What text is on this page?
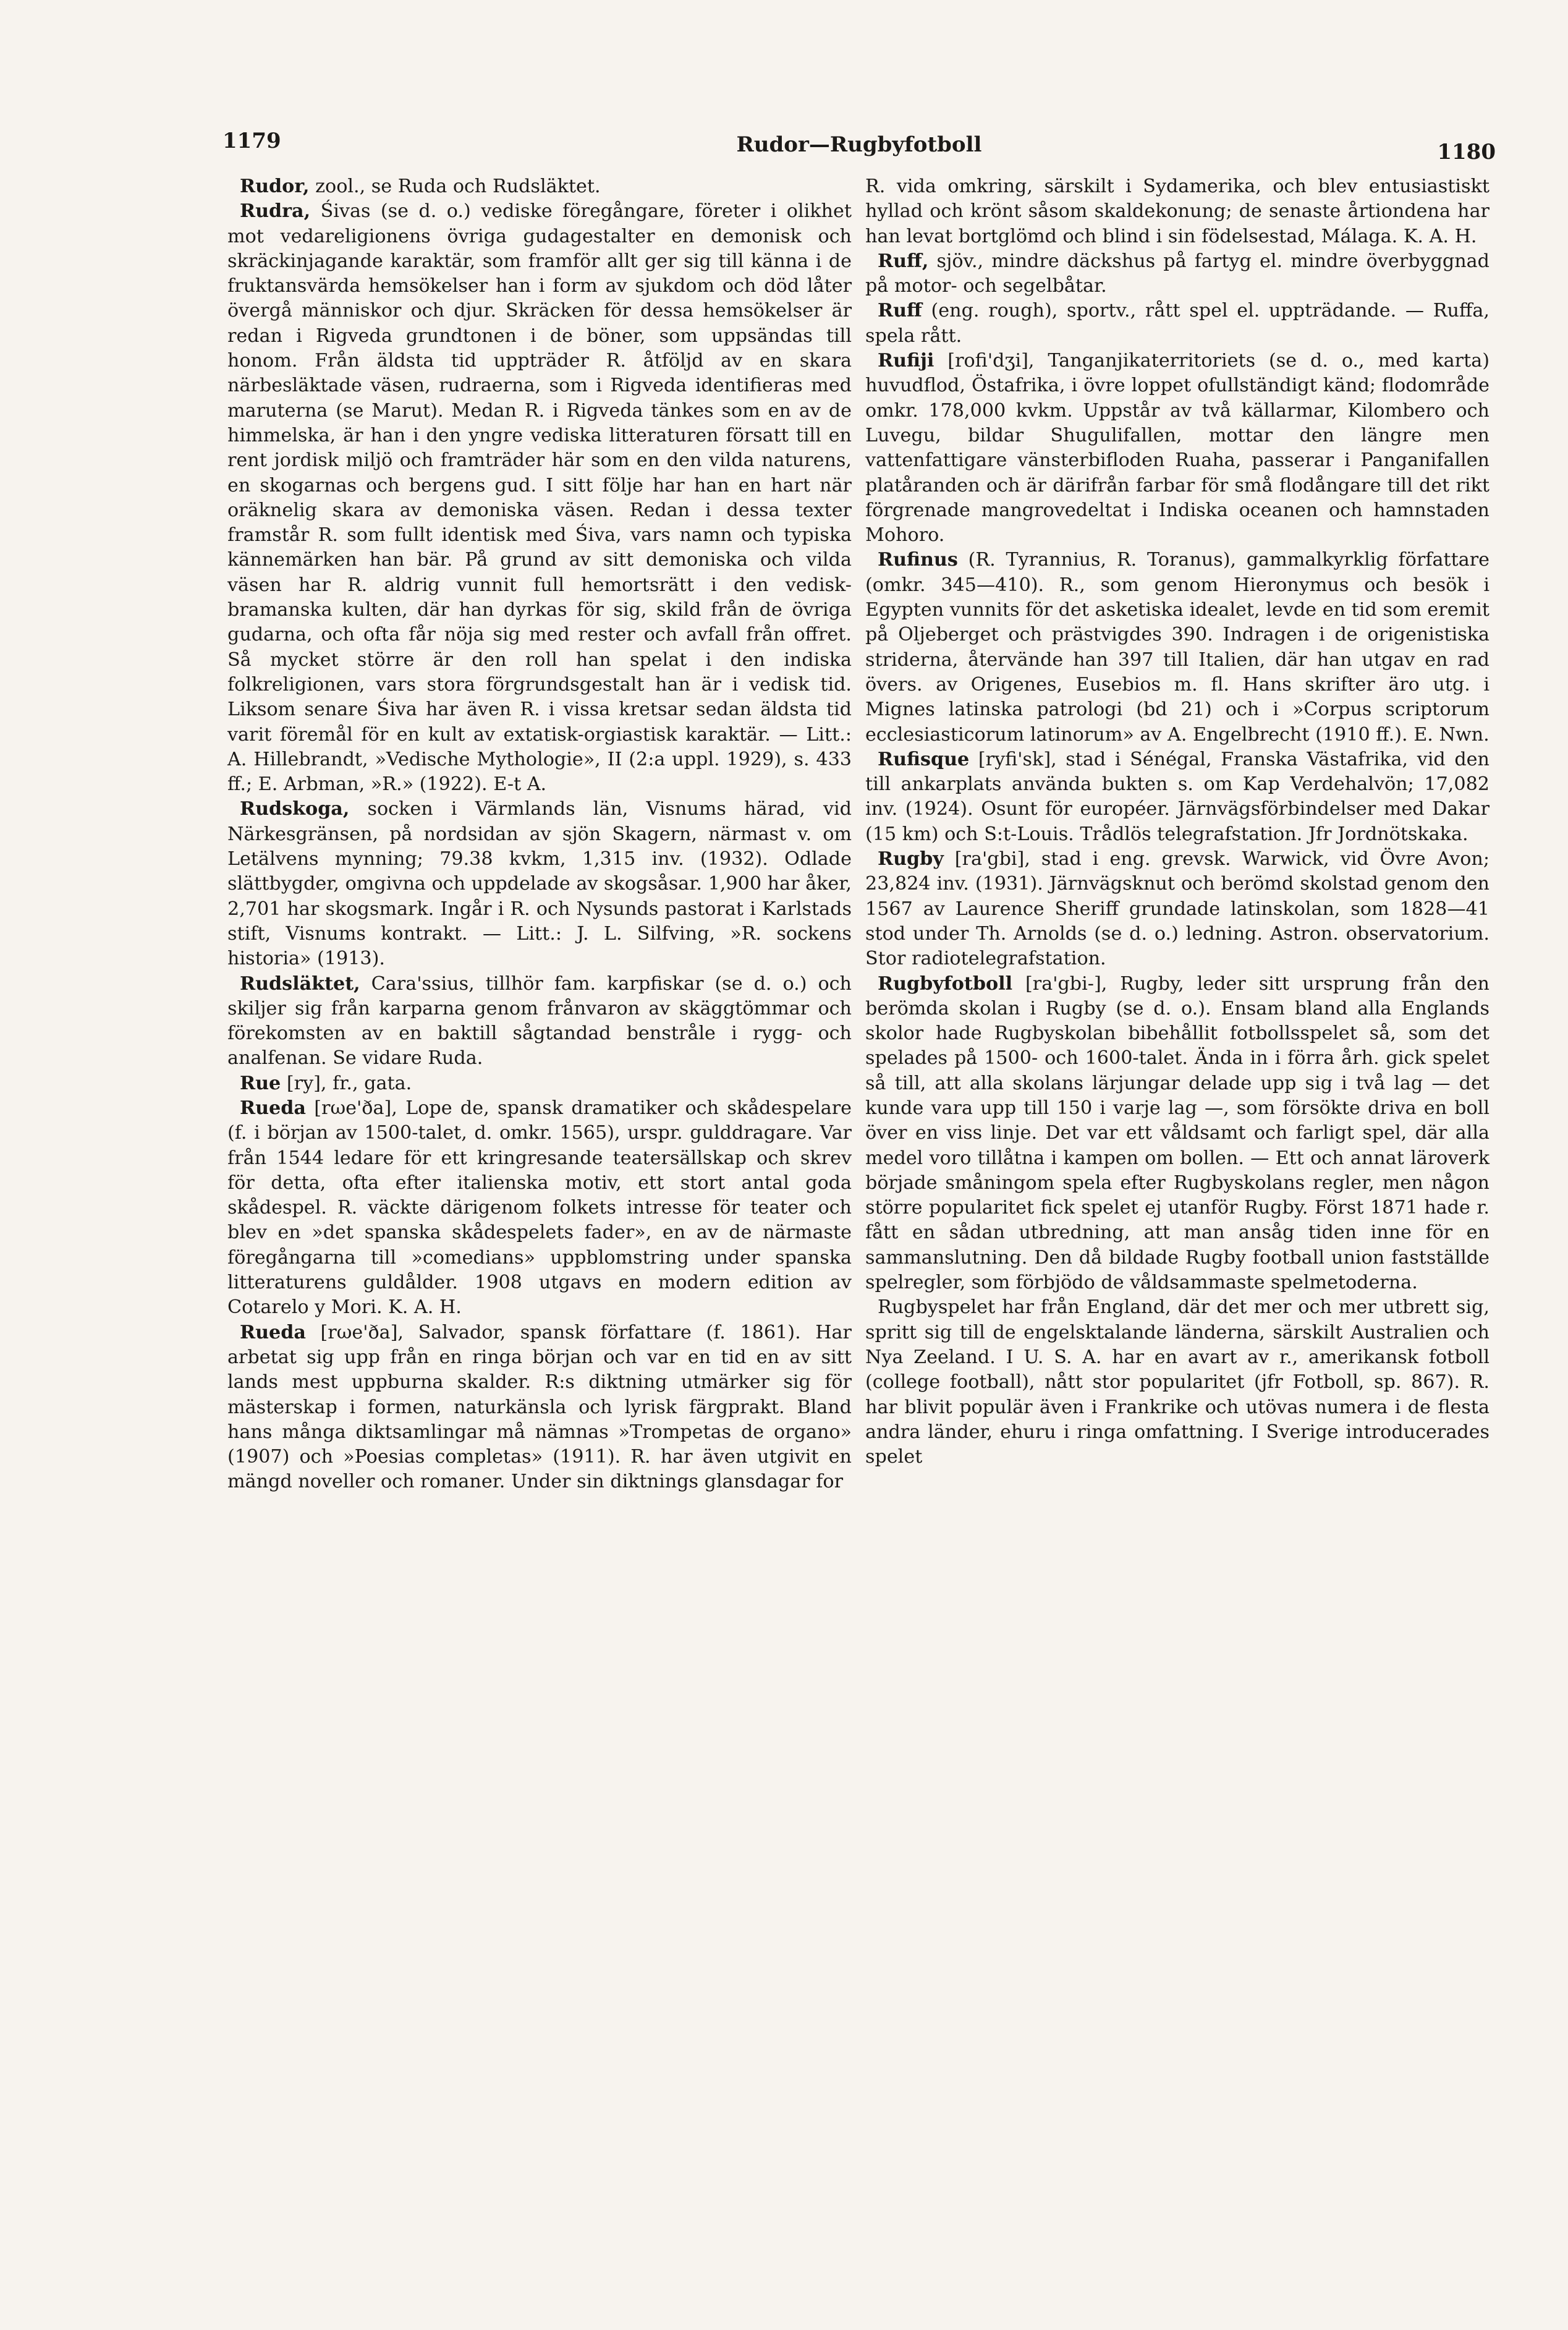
1179	Rudor—Rugbyfotboll	1180

Rudor, zool., se Ruda och Rudsläktet.

Rudra, Śivas (se d. o.) vediske föregångare, företer i olikhet mot vedareligionens övriga gudagestalter en demonisk och skräckinjagande karaktär, som framför allt ger sig till känna i de fruktansvärda hemsökelser han i form av sjukdom och död låter övergå människor och djur. Skräcken för dessa hemsökelser är redan i Rigveda grundtonen i de böner, som uppsändas till honom. Från äldsta tid uppträder R. åtföljd av en skara närbesläktade väsen, rudraerna, som i Rigveda identifieras med maruterna (se Marut). Medan R. i Rigveda tänkes som en av de himmelska, är han i den yngre vediska litteraturen försatt till en rent jordisk miljö och framträder här som en den vilda naturens, en skogarnas och bergens gud. I sitt följe har han en hart när oräknelig skara av demoniska väsen. Redan i dessa texter framstår R. som fullt identisk med Śiva, vars namn och typiska kännemärken han bär. På grund av sitt demoniska och vilda väsen har R. aldrig vunnit full hemortsrätt i den vedisk-bramanska kulten, där han dyrkas för sig, skild från de övriga gudarna, och ofta får nöja sig med rester och avfall från offret. Så mycket större är den roll han spelat i den indiska folkreligionen, vars stora förgrundsgestalt han är i vedisk tid. Liksom senare Śiva har även R. i vissa kretsar sedan äldsta tid varit föremål för en kult av extatisk-orgiastisk karaktär. — Litt.: A. Hillebrandt, »Vedische Mythologie», II (2:a uppl. 1929), s. 433 ff.; E. Arbman, »R.» (1922). E-t A.

Rudskoga, socken i Värmlands län, Visnums härad, vid Närkesgränsen, på nordsidan av sjön Skagern, närmast v. om Letälvens mynning; 79.38 kvkm, 1,315 inv. (1932). Odlade slättbygder, omgivna och uppdelade av skogsåsar. 1,900 har åker, 2,701 har skogsmark. Ingår i R. och Nysunds pastorat i Karlstads stift, Visnums kontrakt. — Litt.: J. L. Silfving, »R. sockens historia» (1913).

Rudsläktet, Cara'ssius, tillhör fam. karpfiskar (se d. o.) och skiljer sig från karparna genom frånvaron av skäggtömmar och förekomsten av en baktill sågtandad benstråle i rygg- och analfenan. Se vidare Ruda.

Rue [ry], fr., gata.

Rueda [rωe'ða], Lope de, spansk dramatiker och skådespelare (f. i början av 1500-talet, d. omkr. 1565), urspr. gulddragare. Var från 1544 ledare för ett kringresande teatersällskap och skrev för detta, ofta efter italienska motiv, ett stort antal goda skådespel. R. väckte därigenom folkets intresse för teater och blev en »det spanska skådespelets fader», en av de närmaste föregångarna till »comedians» uppblomstring under spanska litteraturens guldålder. 1908 utgavs en modern edition av Cotarelo y Mori. K. A. H.

Rueda [rωe'ða], Salvador, spansk författare (f. 1861). Har arbetat sig upp från en ringa början och var en tid en av sitt lands mest uppburna skalder. R:s diktning utmärker sig för mästerskap i formen, naturkänsla och lyrisk färgprakt. Bland hans många diktsamlingar må nämnas »Trompetas de organo» (1907) och »Poesias completas» (1911). R. har även utgivit en mängd noveller och romaner. Under sin diktnings glansdagar for

R. vida omkring, särskilt i Sydamerika, och blev entusiastiskt hyllad och krönt såsom skaldekonung; de senaste årtiondena har han levat bortglömd och blind i sin födelsestad, Málaga. K. A. H.

Ruff, sjöv., mindre däckshus på fartyg el. mindre överbyggnad på motor- och segelbåtar.

Ruff (eng. rough), sportv., rått spel el. uppträdande. — Ruffa, spela rått.

Rufiji [rofi'dʒi], Tanganjikaterritoriets (se d. o., med karta) huvudflod, Östafrika, i övre loppet ofullständigt känd; flodområde omkr. 178,000 kvkm. Uppstår av två källarmar, Kilombero och Luvegu, bildar Shugulifallen, mottar den längre men vattenfattigare vänsterbifloden Ruaha, passerar i Panganifallen platåranden och är därifrån farbar för små flodångare till det rikt förgrenade mangrovedeltat i Indiska oceanen och hamnstaden Mohoro.

Rufinus (R. Tyrannius, R. Toranus), gammalkyrklig författare (omkr. 345—410). R., som genom Hieronymus och besök i Egypten vunnits för det asketiska idealet, levde en tid som eremit på Oljeberget och prästvigdes 390. Indragen i de origenistiska striderna, återvände han 397 till Italien, där han utgav en rad övers. av Origenes, Eusebios m. fl. Hans skrifter äro utg. i Mignes latinska patrologi (bd 21) och i »Corpus scriptorum ecclesiasticorum latinorum» av A. Engelbrecht (1910 ff.). E. Nwn.

Rufisque [ryfi'sk], stad i Sénégal, Franska Västafrika, vid den till ankarplats använda bukten s. om Kap Verdehalvön; 17,082 inv. (1924). Osunt för européer. Järnvägsförbindelser med Dakar (15 km) och S:t-Louis. Trådlös telegrafstation. Jfr Jordnötskaka.

Rugby [ra'gbi], stad i eng. grevsk. Warwick, vid Övre Avon; 23,824 inv. (1931). Järnvägsknut och berömd skolstad genom den 1567 av Laurence Sheriff grundade latinskolan, som 1828—41 stod under Th. Arnolds (se d. o.) ledning. Astron. observatorium. Stor radiotelegrafstation.

Rugbyfotboll [ra'gbi-], Rugby, leder sitt ursprung från den berömda skolan i Rugby (se d. o.). Ensam bland alla Englands skolor hade Rugbyskolan bibehållit fotbollsspelet så, som det spelades på 1500- och 1600-talet. Ända in i förra årh. gick spelet så till, att alla skolans lärjungar delade upp sig i två lag — det kunde vara upp till 150 i varje lag —, som försökte driva en boll över en viss linje. Det var ett våldsamt och farligt spel, där alla medel voro tillåtna i kampen om bollen. — Ett och annat läroverk började småningom spela efter Rugbyskolans regler, men någon större popularitet fick spelet ej utanför Rugby. Först 1871 hade r. fått en sådan utbredning, att man ansåg tiden inne för en sammanslutning. Den då bildade Rugby football union fastställde spelregler, som förbjödo de våldsammaste spelmetoderna.

Rugbyspelet har från England, där det mer och mer utbrett sig, spritt sig till de engelsktalande länderna, särskilt Australien och Nya Zeeland. I U. S. A. har en avart av r., amerikansk fotboll (college football), nått stor popularitet (jfr Fotboll, sp. 867). R. har blivit populär även i Frankrike och utövas numera i de flesta andra länder, ehuru i ringa omfattning. I Sverige introducerades spelet
